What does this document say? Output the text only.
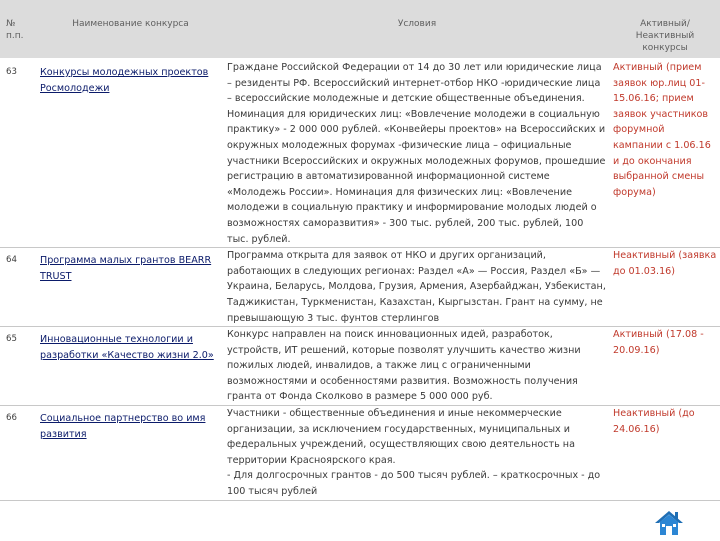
№
п.п.	Наименование конкурса	Условия	Активный/
Неактивный
конкурсы
63	Конкурсы молодежных проектов Росмолодежи	Граждане Российской Федерации от 14 до 30 лет или юридические лица – резиденты РФ. Всероссийский интернет-отбор НКО -юридические лица – всероссийские молодежные и детские общественные объединения. Номинация для юридических лиц: «Вовлечение молодежи в социальную практику» - 2 000 000 рублей. «Конвейеры проектов» на Всероссийских и окружных молодежных форумах -физические лица – официальные участники Всероссийских и окружных молодежных форумов, прошедшие регистрацию в автоматизированной информационной системе «Молодежь России». Номинация для физических лиц: «Вовлечение молодежи в социальную практику и информирование молодых людей о возможностях саморазвития» - 300 тыс. рублей, 200 тыс. рублей, 100 тыс. рублей.	Активный (прием заявок юр.лиц 01-15.06.16; прием заявок участников форумной кампании с 1.06.16 и до окончания выбранной смены форума)
64	Программа малых грантов BEARR TRUST	Программа открыта для заявок от НКО и других организаций, работающих в следующих регионах: Раздел «A» — Россия, Раздел «Б» — Украина, Беларусь, Молдова, Грузия, Армения, Азербайджан, Узбекистан, Таджикистан, Туркменистан, Казахстан, Кыргызстан. Грант на сумму, не превышающую 3 тыс. фунтов стерлингов	Неактивный (заявка до 01.03.16)
65	Инновационные технологии и разработки «Качество жизни 2.0»	Конкурс направлен на поиск инновационных идей, разработок, устройств, ИТ решений, которые позволят улучшить качество жизни пожилых людей, инвалидов, а также лиц с ограниченными возможностями и особенностями развития. Возможность получения гранта от Фонда Сколково в размере 5 000 000 руб.	Активный (17.08 - 20.09.16)
66	Социальное партнерство во имя развития	Участники - общественные объединения и иные некоммерческие организации, за исключением государственных, муниципальных и федеральных учреждений, осуществляющих свою деятельность на территории Красноярского края.
- Для долгосрочных грантов - до 500 тысяч рублей. – краткосрочных - до 100 тысяч рублей	Неактивный (до 24.06.16)
